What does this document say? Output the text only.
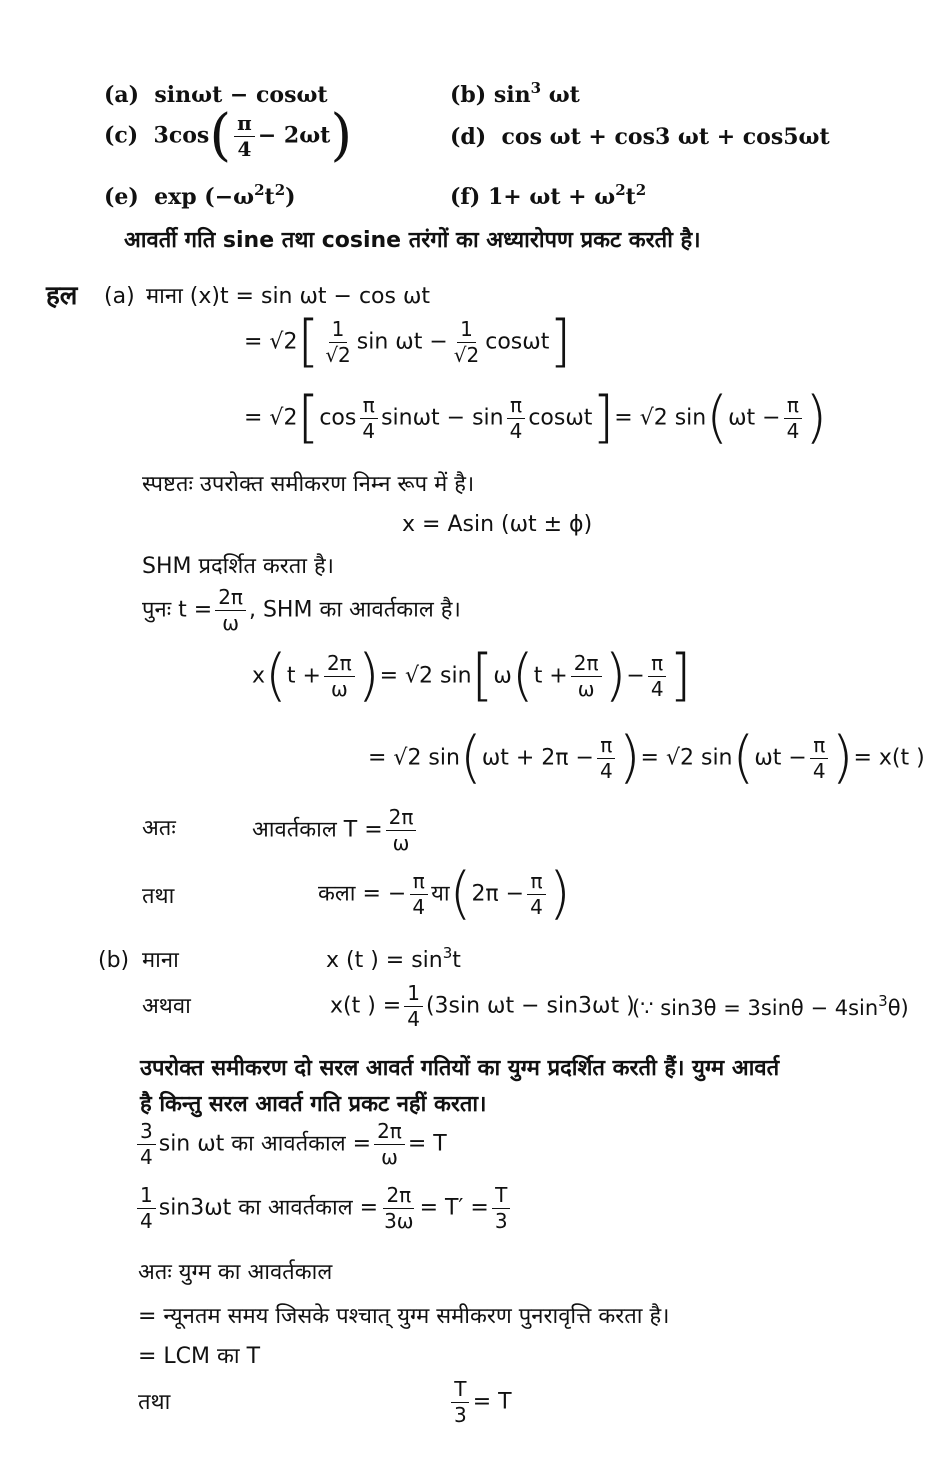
(a) sinωt − cosωt	(b) $\sin^3 \omega t$
(c) $3\cos( \frac{\pi}{4} - 2\omega t)$	(d) cos ωt + cos3 ωt + cos5ωt
(e) $\exp (-\omega^2t^2)$	(f) $1+ \omega t + \omega^2t^2$
आवर्ती गति sine तथा cosine तरंगों का अध्यारोपण प्रकट करती है।
हल (a) माना (x)t = sin ωt − cos ωt
= $√2[ \frac{1}{√2}$ $\sin \omega t - \frac{1}{√2} \cos\omega t$]
= $√2[\cos \frac{\pi}{4}$ $\sin\omega t - \sin \frac{\pi}{4} \cos\omega t]= √2$ $\sin(\omega t - \frac{\pi}{4}$ )
स्पष्टतः उपरोक्त समीकरण निम्न रूप में है।
x = Asin (ωt ± ϕ)
SHM प्रदर्शित करता है।
पुनः $t = \frac{2\pi}{\omega}$ , SHM का आवर्तकाल है।
$x(t + \frac{2\pi}{\omega}$ )= √2 $\sin[\omega(t + \frac{2\pi}{\omega}$ )− $\frac{\pi}{4}$ ]
= √2 $\sin(\omega t + 2\pi - \frac{\pi}{4}$ )= √2 $\sin(\omega t - \frac{\pi}{4}$ )= x(t )
अतः	आवर्तकाल $T = \frac{2\pi}{\omega}$
तथा	कला = − $\frac{\pi}{4}$ या(2π − $\frac{\pi}{4}$ )
(b) माना	x (t ) = $\sin^3t$
अथवा	x(t ) = $\frac{1}{4} (3\sin$ ωt − sin3ωt )
(∵ $\sin 3\theta = 3\sin\theta - 4\sin^3\theta$)
उपरोक्त समीकरण दो सरल आवर्त गतियों का युग्म प्रदर्शित करती हैं। युग्म आवर्त
है किन्तु सरल आवर्त गति प्रकट नहीं करता।
$\frac{3}{4}$ sin ωt का आवर्तकाल = $\frac{2\pi}{\omega} = T$
$\frac{1}{4} \sin 3\omega t$ का आवर्तकाल = $\frac{2\pi}{3\omega} = T' = \frac{T}{3}$
अतः युग्म का आवर्तकाल
= न्यूनतम समय जिसके पश्चात् युग्म समीकरण पुनरावृत्ति करता है।
= LCM का T
तथा	$\frac{T}{3} = T$
